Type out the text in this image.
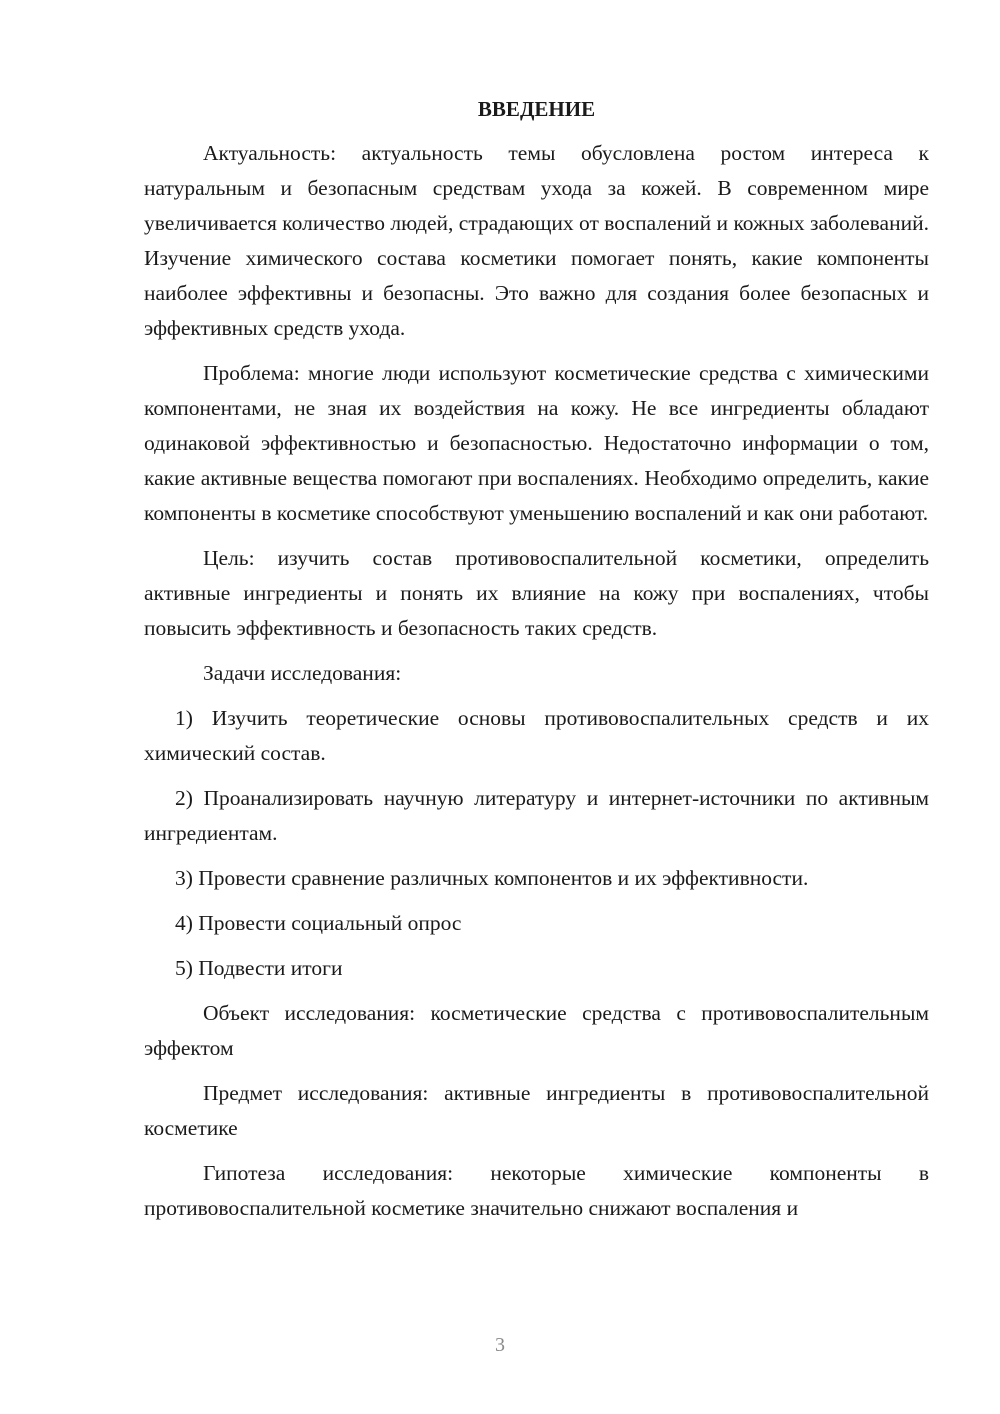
ВВЕДЕНИЕ

Актуальность: актуальность темы обусловлена ростом интереса к натуральным и безопасным средствам ухода за кожей. В современном мире увеличивается количество людей, страдающих от воспалений и кожных заболеваний. Изучение химического состава косметики помогает понять, какие компоненты наиболее эффективны и безопасны. Это важно для создания более безопасных и эффективных средств ухода.

Проблема: многие люди используют косметические средства с химическими компонентами, не зная их воздействия на кожу. Не все ингредиенты обладают одинаковой эффективностью и безопасностью. Недостаточно информации о том, какие активные вещества помогают при воспалениях. Необходимо определить, какие компоненты в косметике способствуют уменьшению воспалений и как они работают.

Цель: изучить состав противовоспалительной косметики, определить активные ингредиенты и понять их влияние на кожу при воспалениях, чтобы повысить эффективность и безопасность таких средств.

Задачи исследования:

1) Изучить теоретические основы противовоспалительных средств и их химический состав.

2) Проанализировать научную литературу и интернет-источники по активным ингредиентам.

3) Провести сравнение различных компонентов и их эффективности.

4) Провести социальный опрос

5) Подвести итоги

Объект исследования: косметические средства с противовоспалительным эффектом

Предмет исследования: активные ингредиенты в противовоспалительной косметике

Гипотеза исследования: некоторые химические компоненты в противовоспалительной косметике значительно снижают воспаления и

3
